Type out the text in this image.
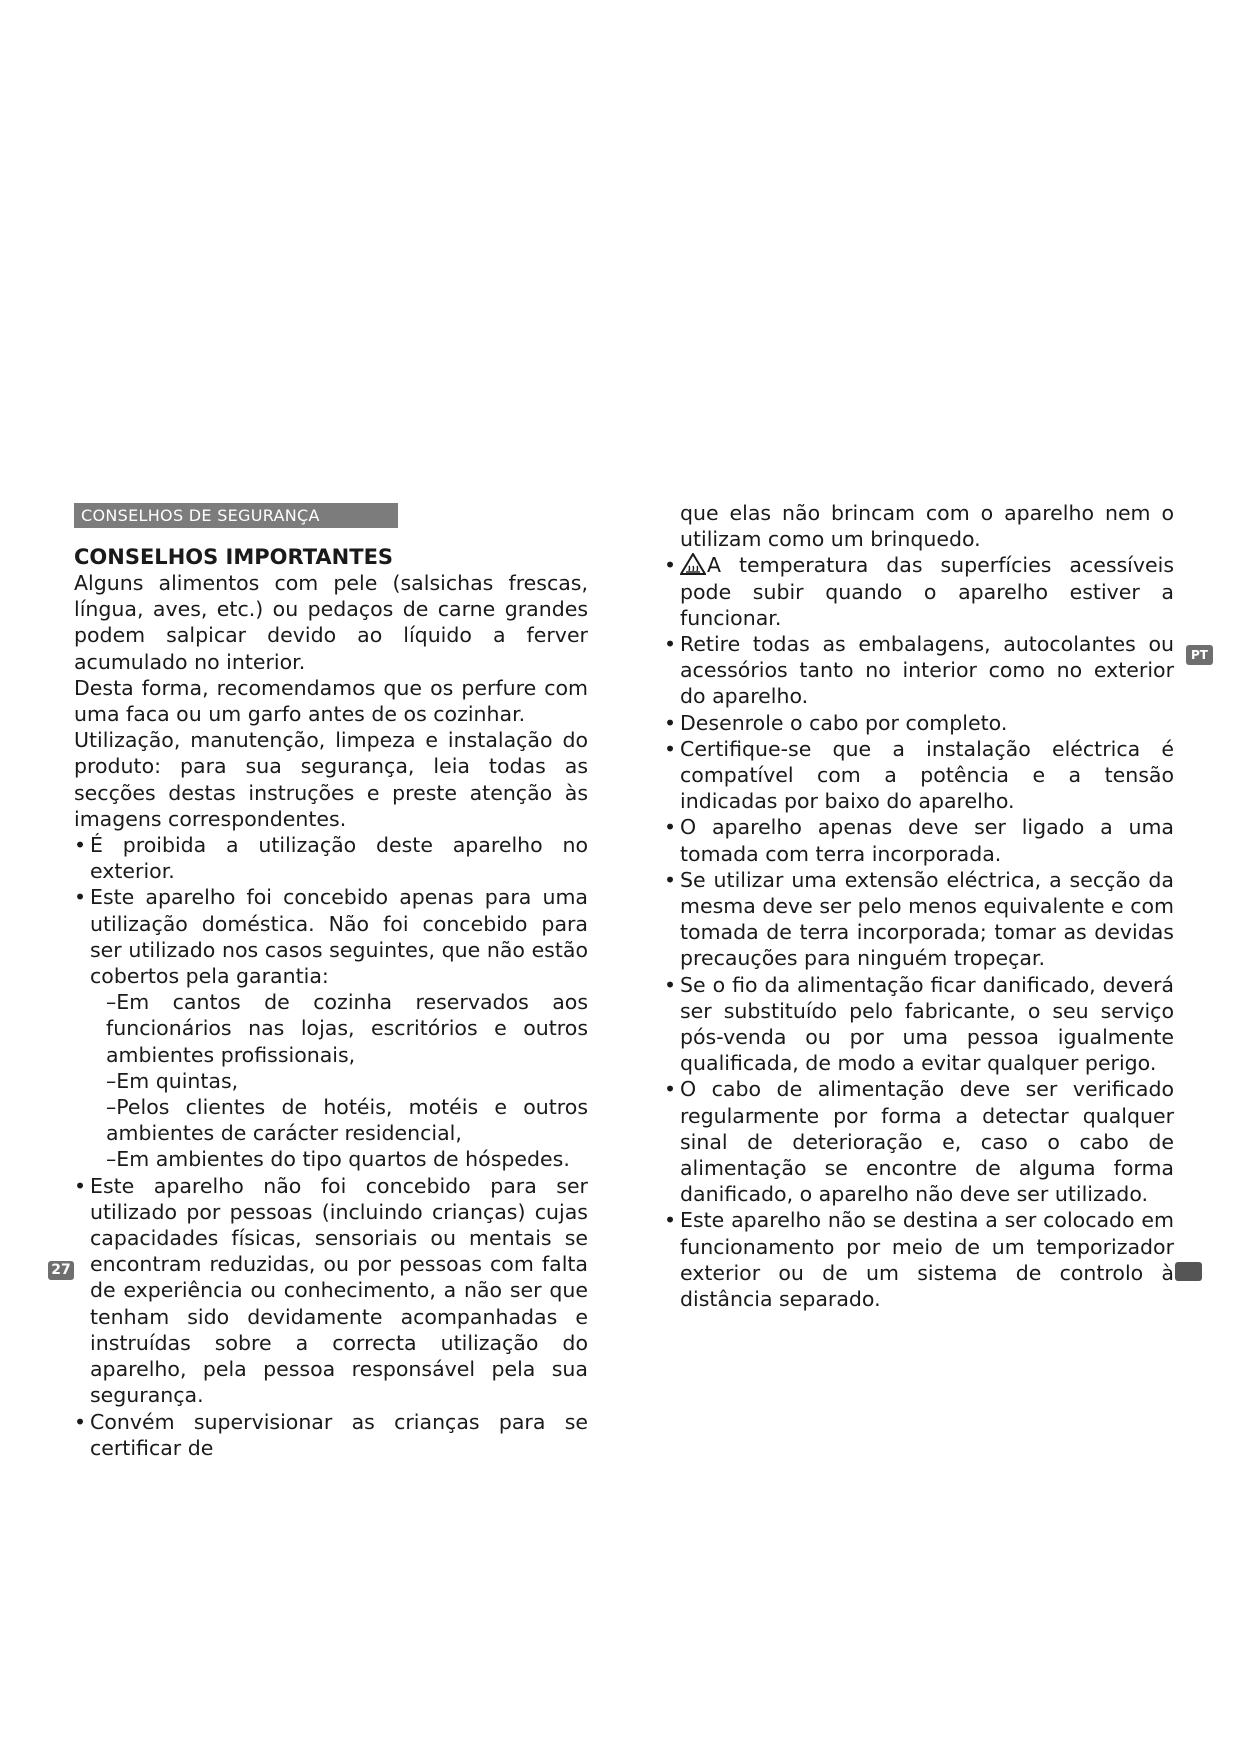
CONSELHOS DE SEGURANÇA
CONSELHOS IMPORTANTES

Alguns alimentos com pele (salsichas frescas, língua, aves, etc.) ou pedaços de carne grandes podem salpicar devido ao líquido a ferver acumulado no interior.

Desta forma, recomendamos que os perfure com uma faca ou um garfo antes de os cozinhar.

Utilização, manutenção, limpeza e instalação do produto: para sua segurança, leia todas as secções destas instruções e preste atenção às imagens correspondentes.

• É proibida a utilização deste aparelho no exterior.
• Este aparelho foi concebido apenas para uma utilização doméstica. Não foi concebido para ser utilizado nos casos seguintes, que não estão cobertos pela garantia:
–Em cantos de cozinha reservados aos funcionários nas lojas, escritórios e outros ambientes profissionais,
–Em quintas,
–Pelos clientes de hotéis, motéis e outros ambientes de carácter residencial,
–Em ambientes do tipo quartos de hóspedes.
• Este aparelho não foi concebido para ser utilizado por pessoas (incluindo crianças) cujas capacidades físicas, sensoriais ou mentais se encontram reduzidas, ou por pessoas com falta de experiência ou conhecimento, a não ser que tenham sido devidamente acompanhadas e instruídas sobre a correcta utilização do aparelho, pela pessoa responsável pela sua segurança.
• Convém supervisionar as crianças para se certificar de

que elas não brincam com o aparelho nem o utilizam como um brinquedo.

•	A temperatura das superfícies acessíveis pode subir quando o aparelho estiver a funcionar.
• Retire todas as embalagens, autocolantes ou acessórios tanto no interior como no exterior do aparelho.
• Desenrole o cabo por completo.
• Certifique-se que a instalação eléctrica é compatível com a potência e a tensão indicadas por baixo do aparelho.
• O aparelho apenas deve ser ligado a uma tomada com terra incorporada.
• Se utilizar uma extensão eléctrica, a secção da mesma deve ser pelo menos equivalente e com tomada de terra incorporada; tomar as devidas precauções para ninguém tropeçar.
• Se o fio da alimentação ficar danificado, deverá ser substituído pelo fabricante, o seu serviço pós-venda ou por uma pessoa igualmente qualificada, de modo a evitar qualquer perigo.
• O cabo de alimentação deve ser verificado regularmente por forma a detectar qualquer sinal de deterioração e, caso o cabo de alimentação se encontre de alguma forma danificado, o aparelho não deve ser utilizado.
• Este aparelho não se destina a ser colocado em funcionamento por meio de um temporizador exterior ou de um sistema de controlo à distância separado.
27
PT
